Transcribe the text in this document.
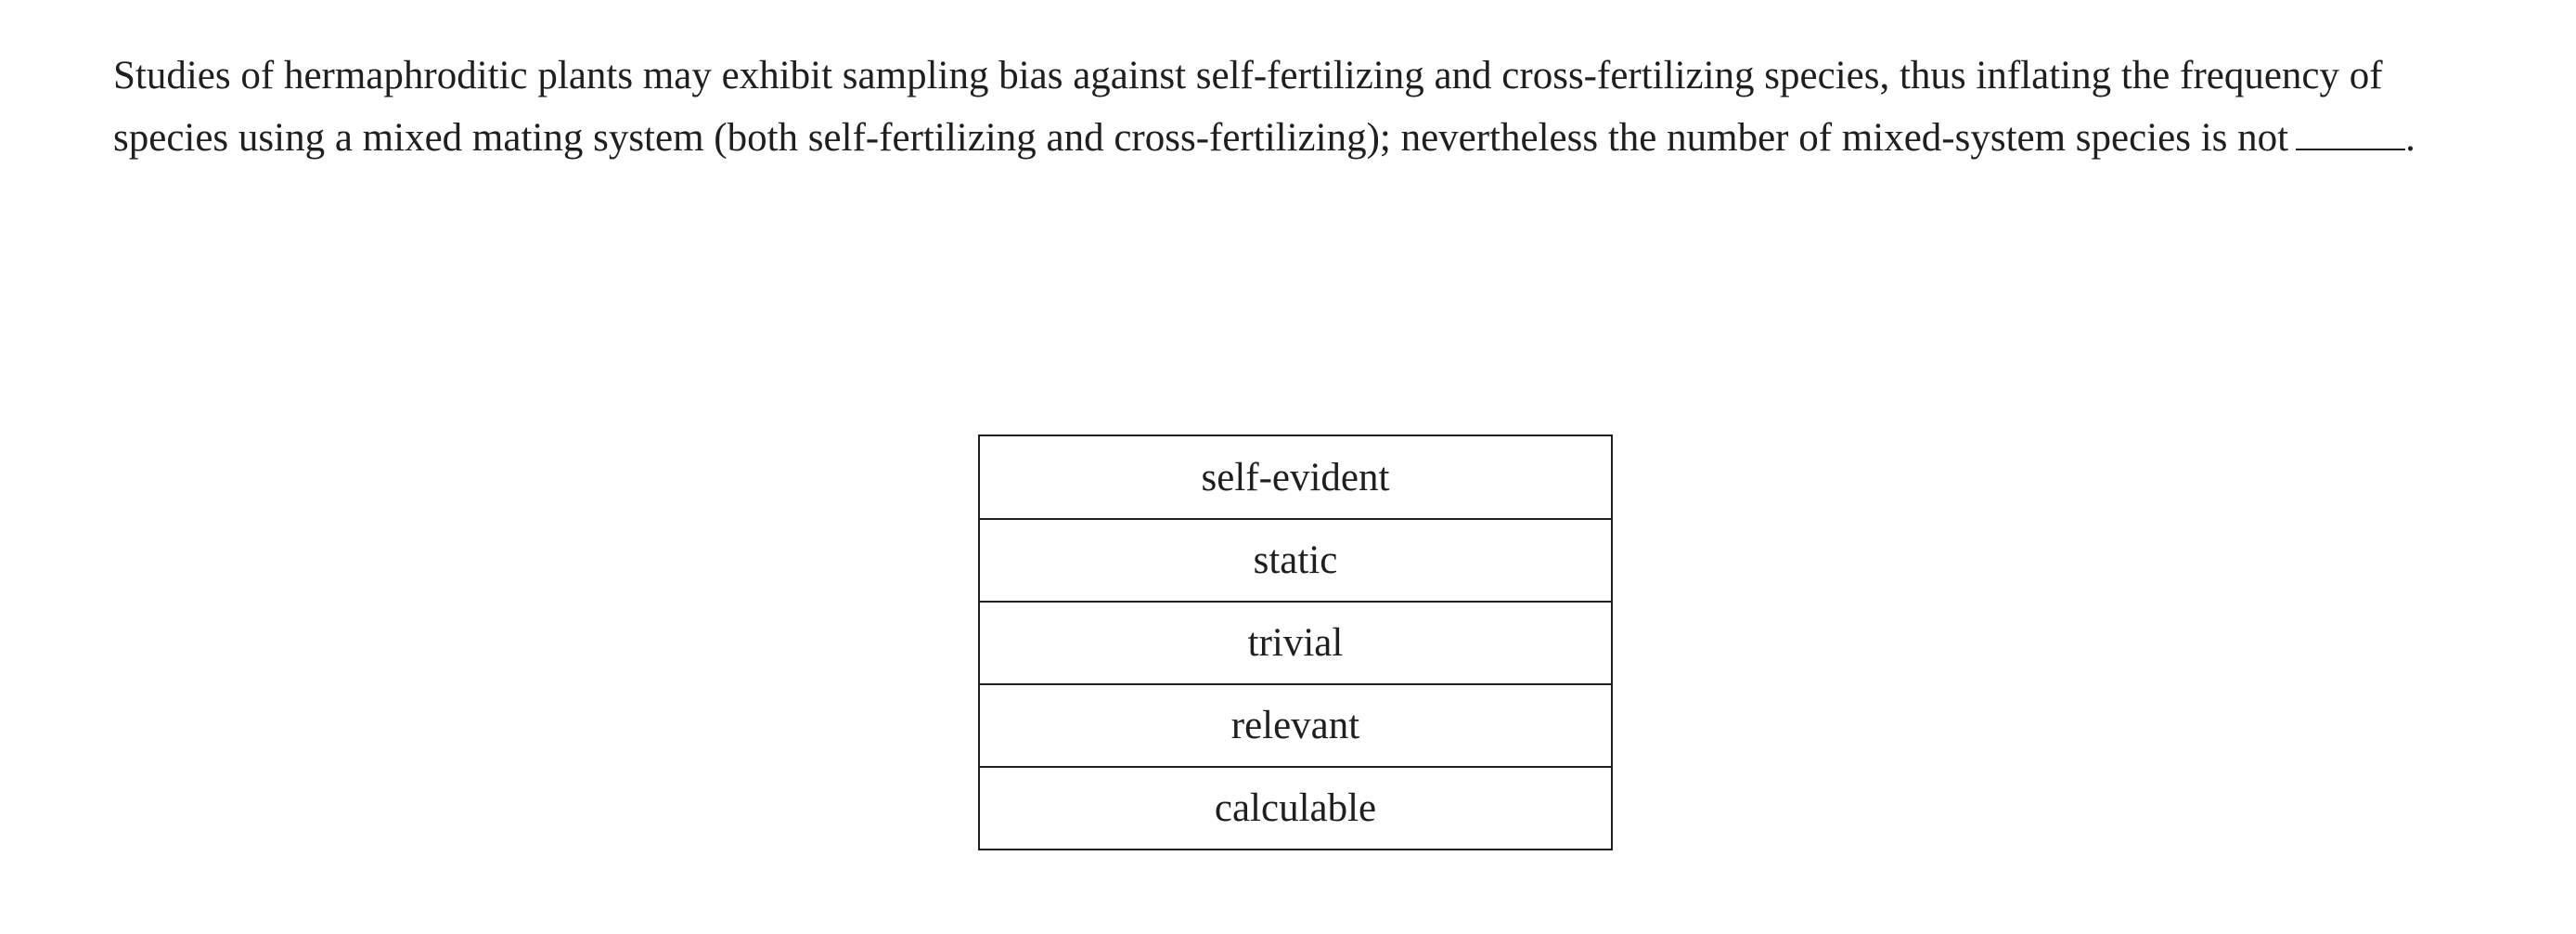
Studies of hermaphroditic plants may exhibit sampling bias against self-fertilizing and cross-fertilizing species, thus inflating the frequency of species using a mixed mating system (both self-fertilizing and cross-fertilizing); nevertheless the number of mixed-system species is not	.
self-evident
static
trivial
relevant
calculable
